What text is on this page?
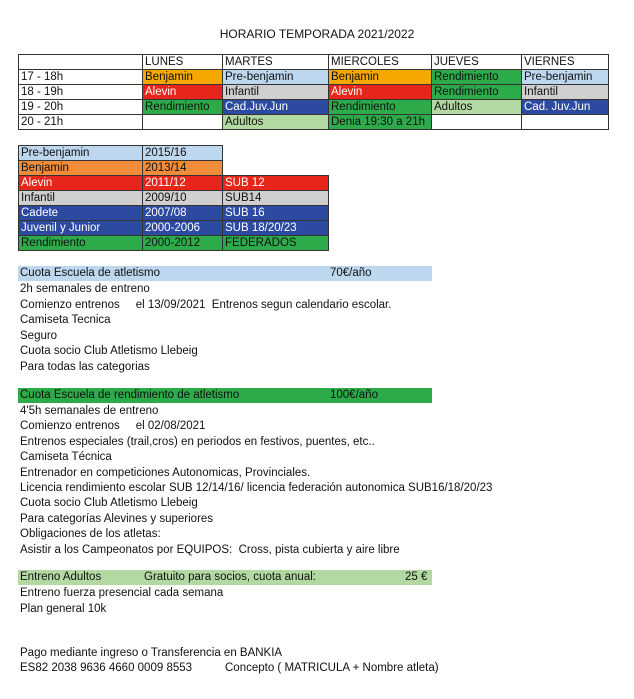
HORARIO TEMPORADA 2021/2022
	LUNES	MARTES	MIERCOLES	JUEVES	VIERNES
17 - 18h	Benjamin	Pre-benjamin	Benjamin	Rendimiento	Pre-benjamin
18 - 19h	Alevin	Infantil	Alevin	Rendimiento	Infantil
19 - 20h	Rendimiento	Cad.Juv.Jun	Rendimiento	Adultos	Cad. Juv.Jun
20 - 21h		Adultos	Denia 19:30 a 21h		
Pre-benjamin	2015/16	
Benjamin	2013/14	
Alevin	2011/12	SUB 12
Infantil	2009/10	SUB14
Cadete	2007/08	SUB 16
Juvenil y Junior	2000-2006	SUB 18/20/23
Rendimiento	2000-2012	FEDERADOS
Cuota Escuela de atletismo	70€/año
2h semanales de entreno
Comienzo entrenos     el 13/09/2021  Entrenos segun calendario escolar.
Camiseta Tecnica
Seguro
Cuota socio Club Atletismo Llebeig
Para todas las categorias
Cuota Escuela de rendimiento de atletismo	100€/año
4'5h semanales de entreno
Comienzo entrenos     el 02/08/2021
Entrenos especiales (trail,cros) en periodos en festivos, puentes, etc..
Camiseta Técnica
Entrenador en competiciones Autonomicas, Provinciales.
Licencia rendimiento escolar SUB 12/14/16/ licencia federación autonomica SUB16/18/20/23
Cuota socio Club Atletismo Llebeig
Para categorías Alevines y superiores
Obligaciones de los atletas:
Asistir a los Campeonatos por EQUIPOS:  Cross, pista cubierta y aire libre
Entreno Adultos	Gratuito para socios, cuota anual:	25 €
Entreno fuerza presencial cada semana
Plan general 10k
Pago mediante ingreso o Transferencia en BANKIA
ES82 2038 9636 4660 0009 8553	Concepto ( MATRICULA + Nombre atleta)
